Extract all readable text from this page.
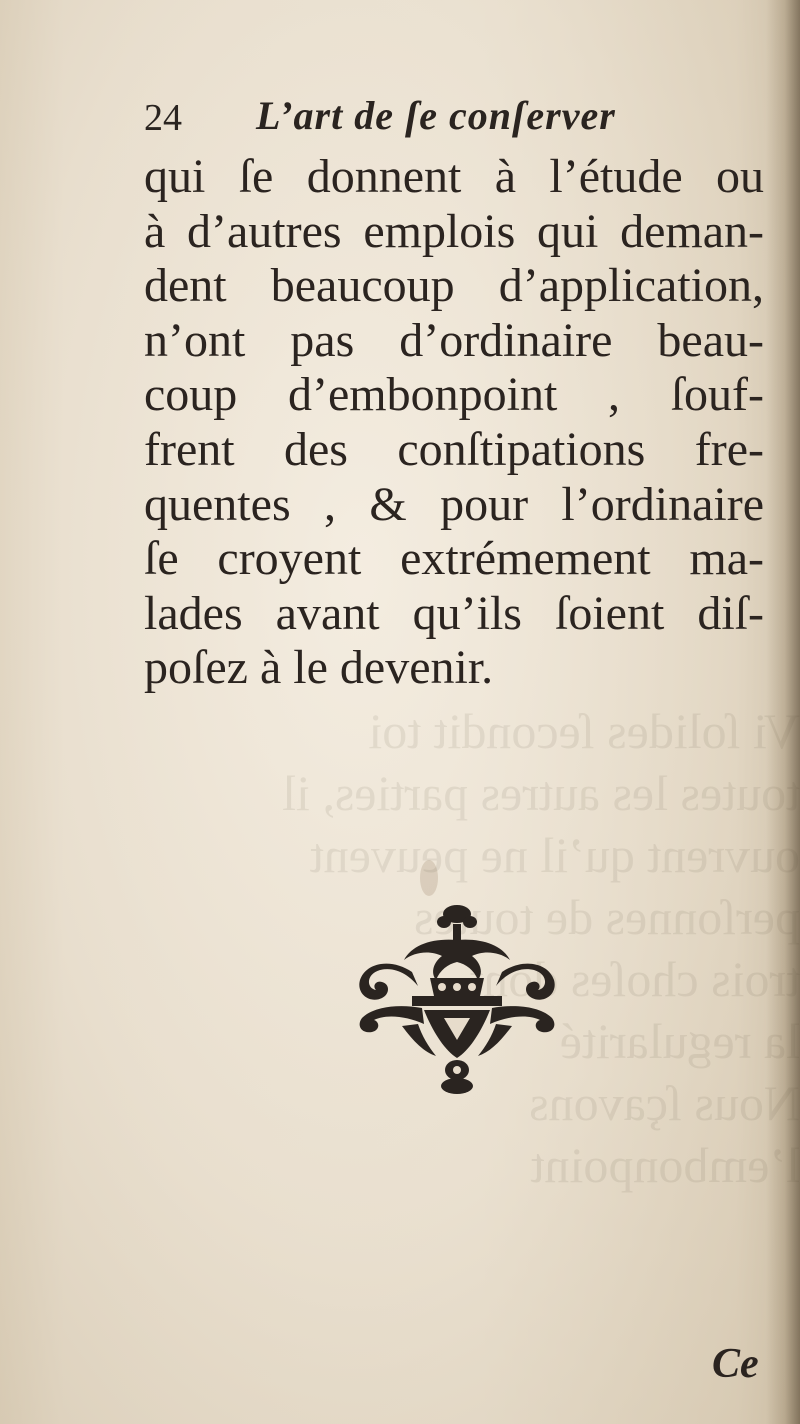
ſolides ſecondit toi
toutes les autres parties, il
ouvrent qu’il ne peuvent
perſonnes de
trois choſes dont
regularité
Nous ſçavons
l’embonpoint
24 L’art de ſe conſerver
qui ſe donnent à l’étude ou
à d’autres emplois qui deman-
dent beaucoup d’application,
n’ont pas d’ordinaire beau-
coup d’embonpoint , ſouf-
frent des conſtipations fre-
quentes , & pour l’ordinaire
ſe croyent extrémement ma-
lades avant qu’ils ſoient diſ-
poſez à le devenir.
Ce
